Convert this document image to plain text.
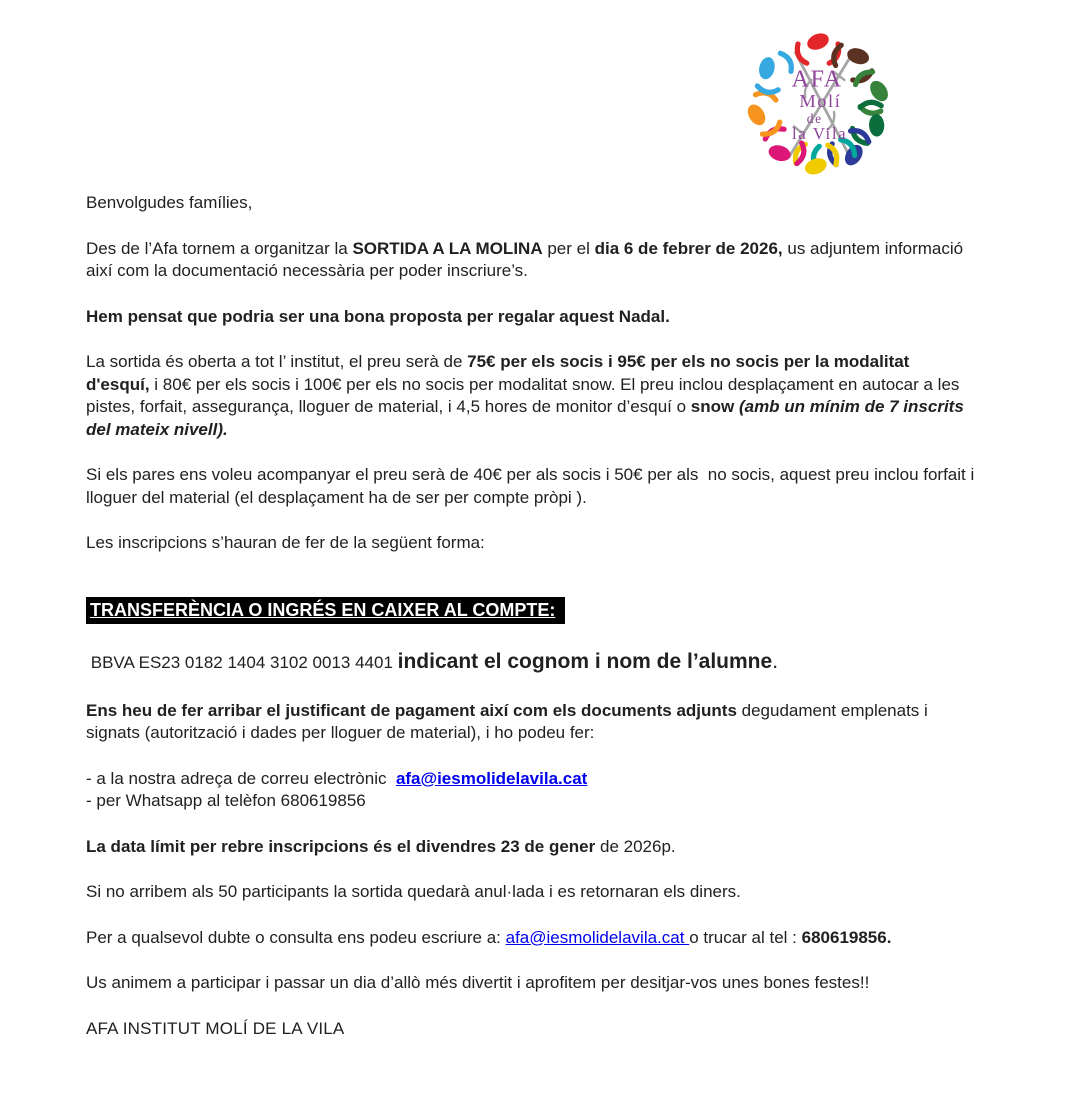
AFA
Molí
de
la Vila

Benvolgudes famílies,

Des de l’Afa tornem a organitzar la SORTIDA A LA MOLINA per el dia 6 de febrer de 2026, us adjuntem informació així com la documentació necessària per poder inscriure’s.

Hem pensat que podria ser una bona proposta per regalar aquest Nadal.

La sortida és oberta a tot l’ institut, el preu serà de 75€ per els socis i 95€ per els no socis per la modalitat d'esquí, i 80€ per els socis i 100€ per els no socis per modalitat snow. El preu inclou desplaçament en autocar a les pistes, forfait, assegurança, lloguer de material, i 4,5 hores de monitor d’esquí o snow (amb un mínim de 7 inscrits del mateix nivell).

Si els pares ens voleu acompanyar el preu serà de 40€ per als socis i 50€ per als  no socis, aquest preu inclou forfait i lloguer del material (el desplaçament ha de ser per compte pròpi ).

Les inscripcions s’hauran de fer de la següent forma:

TRANSFERÈNCIA O INGRÉS EN CAIXER AL COMPTE:

BBVA ES23 0182 1404 3102 0013 4401 indicant el cognom i nom de l’alumne.

Ens heu de fer arribar el justificant de pagament així com els documents adjunts degudament emplenats i signats (autorització i dades per lloguer de material), i ho podeu fer:

- a la nostra adreça de correu electrònic  afa@iesmolidelavila.cat

- per Whatsapp al telèfon 680619856

La data límit per rebre inscripcions és el divendres 23 de gener de 2026p.

Si no arribem als 50 participants la sortida quedarà anul·lada i es retornaran els diners.

Per a qualsevol dubte o consulta ens podeu escriure a: afa@iesmolidelavila.cat o trucar al tel : 680619856.

Us animem a participar i passar un dia d’allò més divertit i aprofitem per desitjar-vos unes bones festes!!

AFA INSTITUT MOLÍ DE LA VILA
